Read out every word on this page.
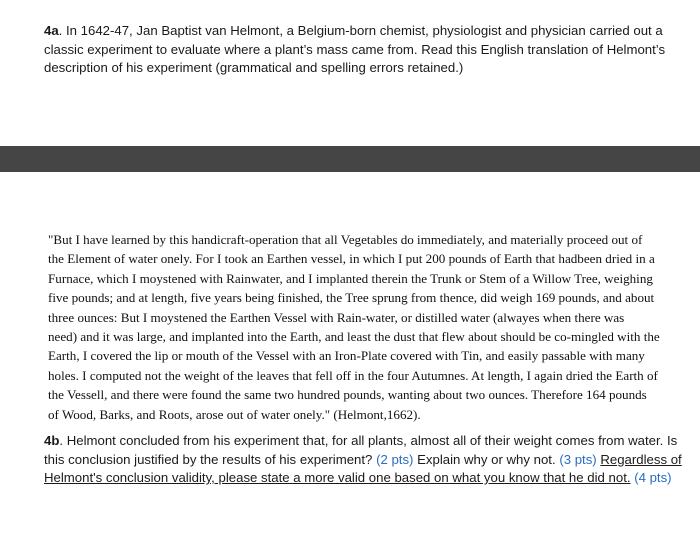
4a. In 1642-47, Jan Baptist van Helmont, a Belgium-born chemist, physiologist and physician carried out a classic experiment to evaluate where a plant’s mass came from. Read this English translation of Helmont’s description of his experiment (grammatical and spelling errors retained.)
"But I have learned by this handicraft-operation that all Vegetables do immediately, and materially proceed out of
the Element of water onely. For I took an Earthen vessel, in which I put 200 pounds of Earth that hadbeen dried in a
Furnace, which I moystened with Rainwater, and I implanted therein the Trunk or Stem of a Willow Tree, weighing
five pounds; and at length, five years being finished, the Tree sprung from thence, did weigh 169 pounds, and about
three ounces: But I moystened the Earthen Vessel with Rain-water, or distilled water (alwayes when there was
need) and it was large, and implanted into the Earth, and least the dust that flew about should be co-mingled with the
Earth, I covered the lip or mouth of the Vessel with an Iron-Plate covered with Tin, and easily passable with many
holes. I computed not the weight of the leaves that fell off in the four Autumnes. At length, I again dried the Earth of
the Vessell, and there were found the same two hundred pounds, wanting about two ounces. Therefore 164 pounds
of Wood, Barks, and Roots, arose out of water onely." (Helmont,1662).
4b. Helmont concluded from his experiment that, for all plants, almost all of their weight comes from water. Is this conclusion justified by the results of his experiment? (2 pts) Explain why or why not. (3 pts) Regardless of Helmont's conclusion validity, please state a more valid one based on what you know that he did not. (4 pts)
